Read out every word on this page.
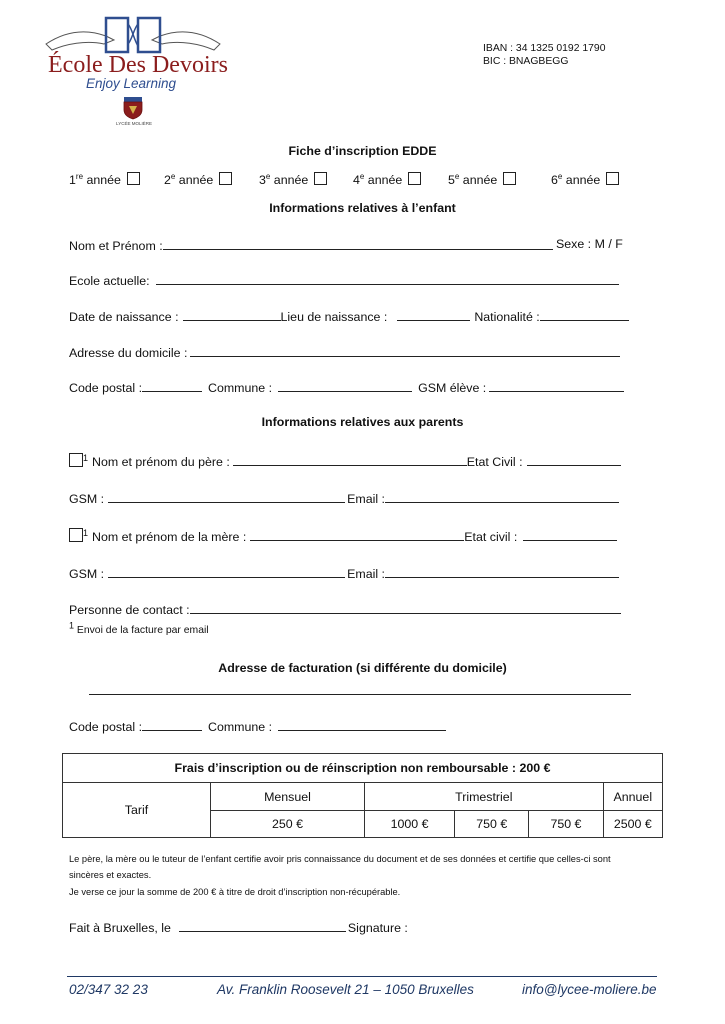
École Des Devoirs
Enjoy Learning
LYCÉE MOLIÈRE
IBAN : 34 1325 0192 1790
BIC : BNAGBEGG
Fiche d’inscription EDDE
1re année	2e année	3e année	4e année	5e année	6e année
Informations relatives à l’enfant
Nom et Prénom :	Sexe : M / F
Ecole actuelle:
Date de naissance :	Lieu de naissance :	Nationalité :
Adresse du domicile :
Code postal :	Commune :	GSM élève :
Informations relatives aux parents
$^1$ Nom et prénom du père :	Etat Civil :
GSM :	Email :
$^1$ Nom et prénom de la mère :	Etat civil :
GSM :	Email :
Personne de contact :
$^1$ Envoi de la facture par email
Adresse de facturation (si différente du domicile)
Code postal :	Commune :
Frais d’inscription ou de réinscription non remboursable : 200 €					
Tarif	Mensuel	Trimestriel			Annuel
	250 €	1000 €	750 €	750 €	2500 €
Le père, la mère ou le tuteur de l’enfant certifie avoir pris connaissance du document et de ses données et certifie que celles-ci sont
sincères et exactes.
Je verse ce jour la somme de 200 € à titre de droit d’inscription non-récupérable.
Fait à Bruxelles, le	Signature :
02/347 32 23	Av. Franklin Roosevelt 21 – 1050 Bruxelles	info@lycee-moliere.be
